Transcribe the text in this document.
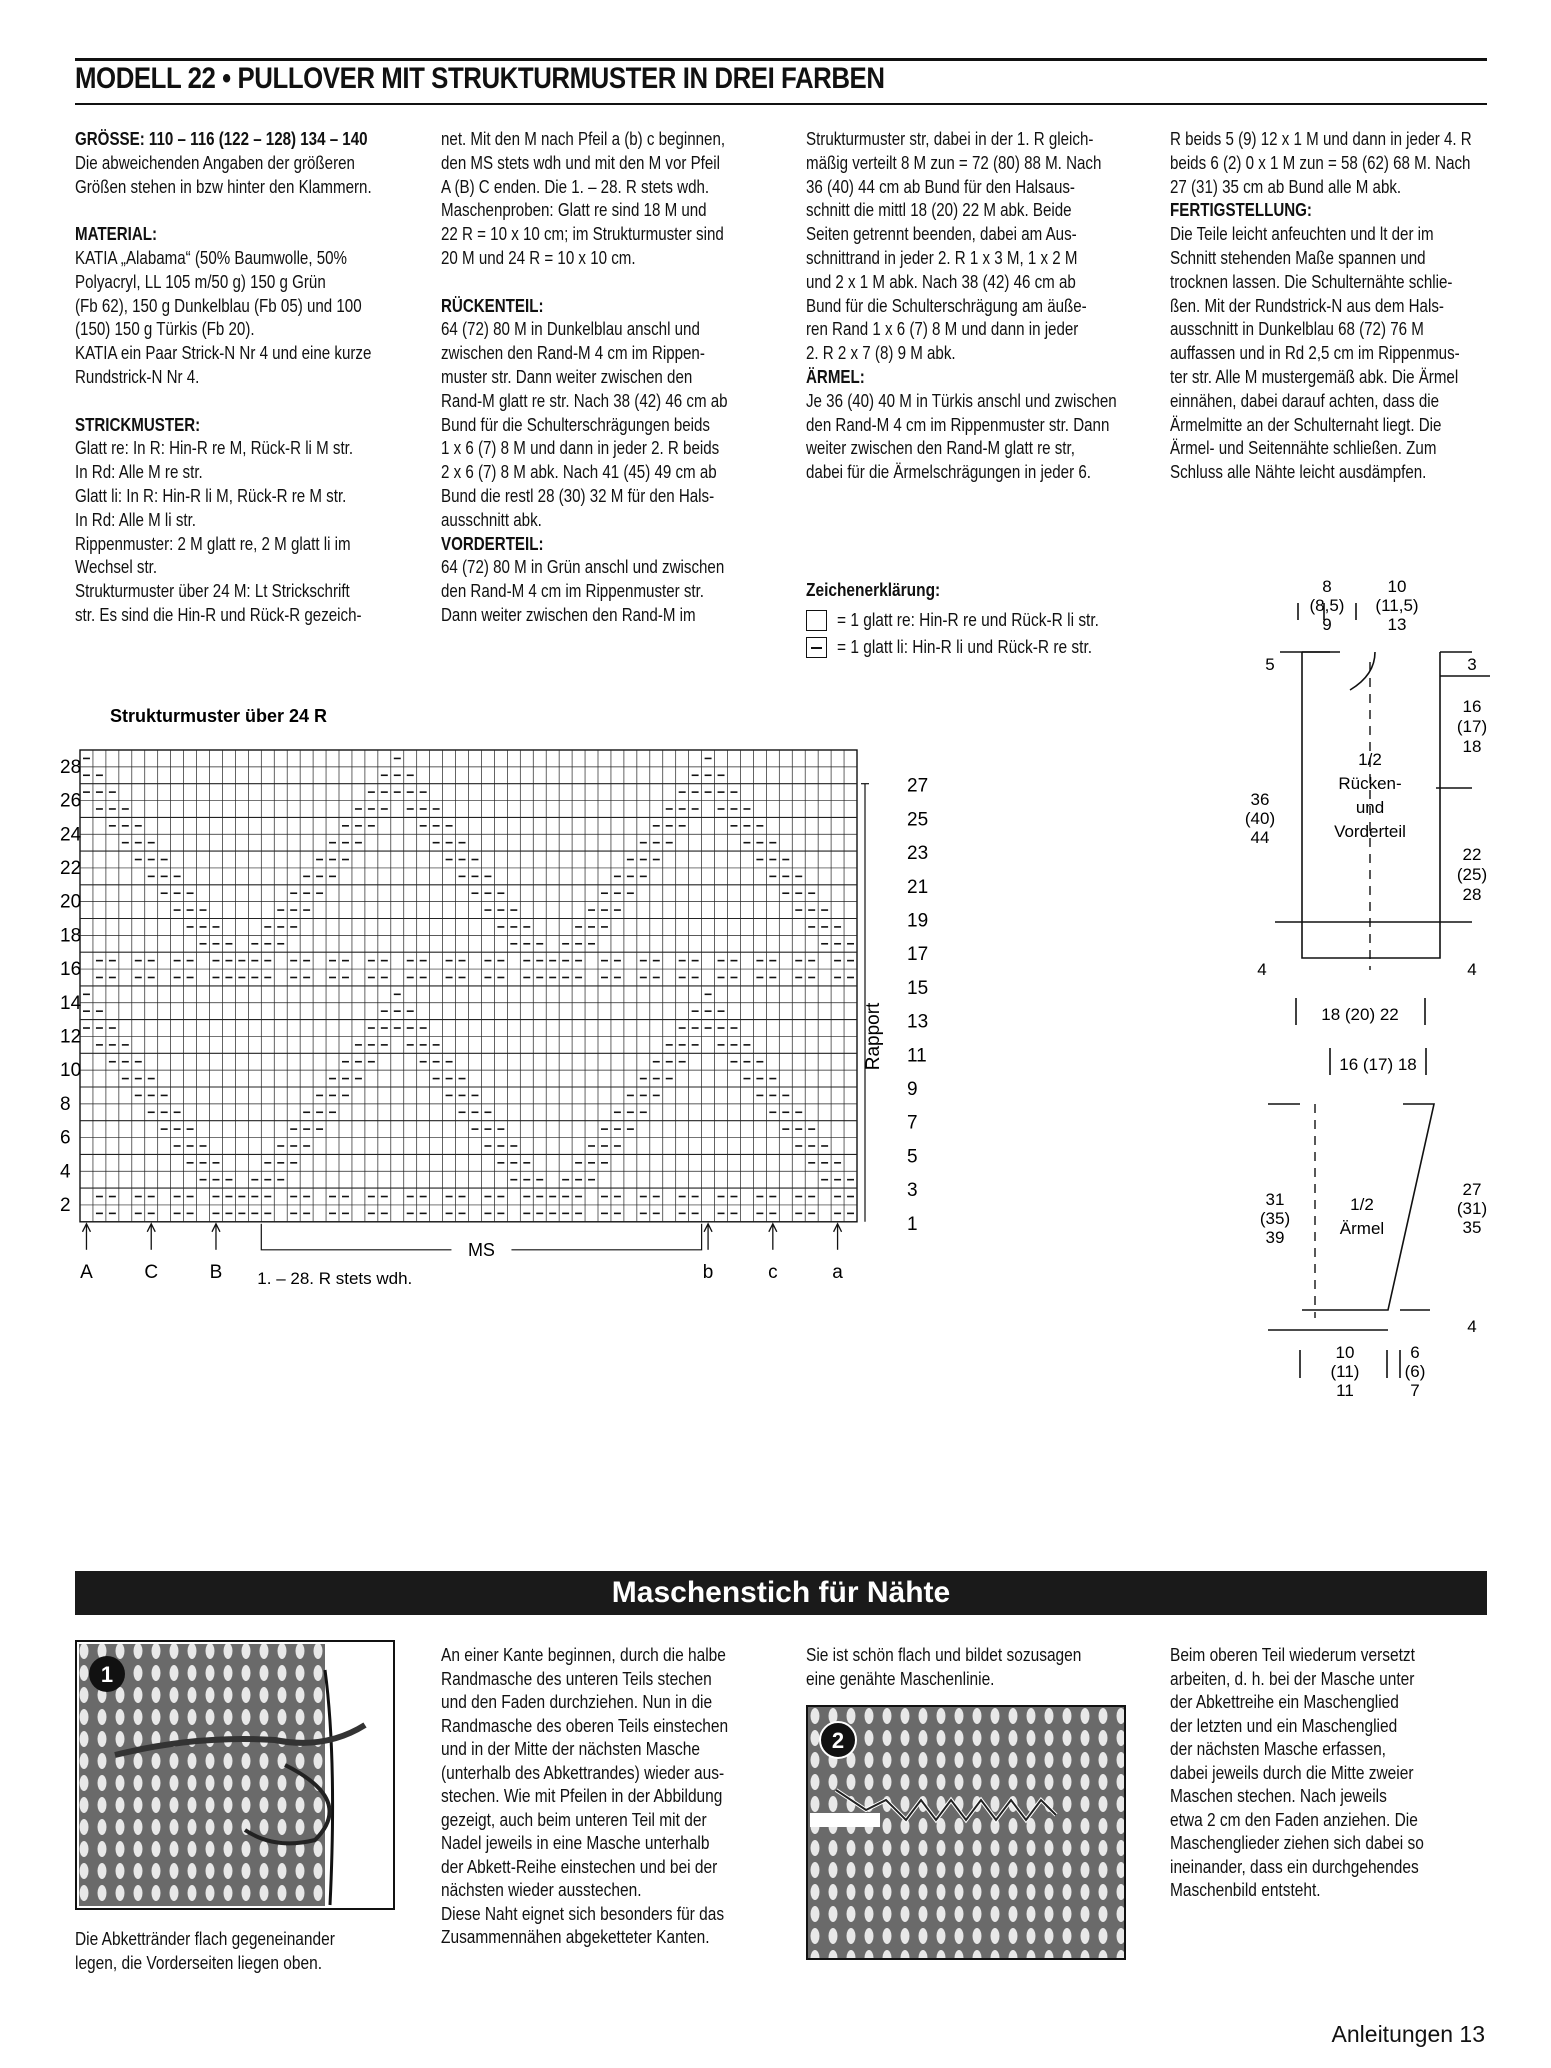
MODELL 22 • PULLOVER MIT STRUKTURMUSTER IN DREI FARBEN

GRÖSSE: 110 – 116 (122 – 128) 134 – 140

Die abweichenden Angaben der größeren

Größen stehen in bzw hinter den Klammern.

MATERIAL:

KATIA „Alabama“ (50% Baumwolle, 50%

Polyacryl, LL 105 m/50 g) 150 g Grün

(Fb 62), 150 g Dunkelblau (Fb 05) und 100

(150) 150 g Türkis (Fb 20).

KATIA ein Paar Strick-N Nr 4 und eine kurze

Rundstrick-N Nr 4.

STRICKMUSTER:

Glatt re: In R: Hin-R re M, Rück-R li M str.

In Rd: Alle M re str.

Glatt li: In R: Hin-R li M, Rück-R re M str.

In Rd: Alle M li str.

Rippenmuster: 2 M glatt re, 2 M glatt li im

Wechsel str.

Strukturmuster über 24 M: Lt Strickschrift

str. Es sind die Hin-R und Rück-R gezeich-

net. Mit den M nach Pfeil a (b) c beginnen,

den MS stets wdh und mit den M vor Pfeil

A (B) C enden. Die 1. – 28. R stets wdh.

Maschenproben: Glatt re sind 18 M und

22 R = 10 x 10 cm; im Strukturmuster sind

20 M und 24 R = 10 x 10 cm.

RÜCKENTEIL:

64 (72) 80 M in Dunkelblau anschl und

zwischen den Rand-M 4 cm im Rippen-

muster str. Dann weiter zwischen den

Rand-M glatt re str. Nach 38 (42) 46 cm ab

Bund für die Schulterschrägungen beids

1 x 6 (7) 8 M und dann in jeder 2. R beids

2 x 6 (7) 8 M abk. Nach 41 (45) 49 cm ab

Bund die restl 28 (30) 32 M für den Hals-

ausschnitt abk.

VORDERTEIL:

64 (72) 80 M in Grün anschl und zwischen

den Rand-M 4 cm im Rippenmuster str.

Dann weiter zwischen den Rand-M im

Strukturmuster str, dabei in der 1. R gleich-

mäßig verteilt 8 M zun = 72 (80) 88 M. Nach

36 (40) 44 cm ab Bund für den Halsaus-

schnitt die mittl 18 (20) 22 M abk. Beide

Seiten getrennt beenden, dabei am Aus-

schnittrand in jeder 2. R 1 x 3 M, 1 x 2 M

und 2 x 1 M abk. Nach 38 (42) 46 cm ab

Bund für die Schulterschrägung am äuße-

ren Rand 1 x 6 (7) 8 M und dann in jeder

2. R 2 x 7 (8) 9 M abk.

ÄRMEL:

Je 36 (40) 40 M in Türkis anschl und zwischen

den Rand-M 4 cm im Rippenmuster str. Dann

weiter zwischen den Rand-M glatt re str,

dabei für die Ärmelschrägungen in jeder 6.

R beids 5 (9) 12 x 1 M und dann in jeder 4. R

beids 6 (2) 0 x 1 M zun = 58 (62) 68 M. Nach

27 (31) 35 cm ab Bund alle M abk.

FERTIGSTELLUNG:

Die Teile leicht anfeuchten und lt der im

Schnitt stehenden Maße spannen und

trocknen lassen. Die Schulternähte schlie-

ßen. Mit der Rundstrick-N aus dem Hals-

ausschnitt in Dunkelblau 68 (72) 76 M

auffassen und in Rd 2,5 cm im Rippenmus-

ter str. Alle M mustergemäß abk. Die Ärmel

einnähen, dabei darauf achten, dass die

Ärmelmitte an der Schulternaht liegt. Die

Ärmel- und Seitennähte schließen. Zum

Schluss alle Nähte leicht ausdämpfen.

Zeichenerklärung:
= 1 glatt re: Hin-R re und Rück-R li str.
= 1 glatt li: Hin-R li und Rück-R re str.
Strukturmuster über 24 R
28
26
24
22
20
18
16
14
12
10
8
6
4
2
27
25
23
21
19
17
15
13
11
9
7
5
3
1
A	C	B	b	c	a
Rapport
MS
1. – 28. R stets wdh.
8
(8,5)
9
10
(11,5)
13
5	3
16
(17)
18
1/2
Rücken-
und
Vorderteil
36
(40)
44
22
(25)
28
4	4
18 (20) 22
16 (17) 18
1/2
Ärmel
31
(35)
39
27
(31)
35
4
10
(11)
11
6
(6)
7
Maschenstich für Nähte
1
2

Die Abkettränder flach gegeneinander

legen, die Vorderseiten liegen oben.

An einer Kante beginnen, durch die halbe

Randmasche des unteren Teils stechen

und den Faden durchziehen. Nun in die

Randmasche des oberen Teils einstechen

und in der Mitte der nächsten Masche

(unterhalb des Abkettrandes) wieder aus-

stechen. Wie mit Pfeilen in der Abbildung

gezeigt, auch beim unteren Teil mit der

Nadel jeweils in eine Masche unterhalb

der Abkett-Reihe einstechen und bei der

nächsten wieder ausstechen.

Diese Naht eignet sich besonders für das

Zusammennähen abgeketteter Kanten.

Sie ist schön flach und bildet sozusagen

eine genähte Maschenlinie.

Beim oberen Teil wiederum versetzt

arbeiten, d. h. bei der Masche unter

der Abkettreihe ein Maschenglied

der letzten und ein Maschenglied

der nächsten Masche erfassen,

dabei jeweils durch die Mitte zweier

Maschen stechen. Nach jeweils

etwa 2 cm den Faden anziehen. Die

Maschenglieder ziehen sich dabei so

ineinander, dass ein durchgehendes

Maschenbild entsteht.

Anleitungen 13
